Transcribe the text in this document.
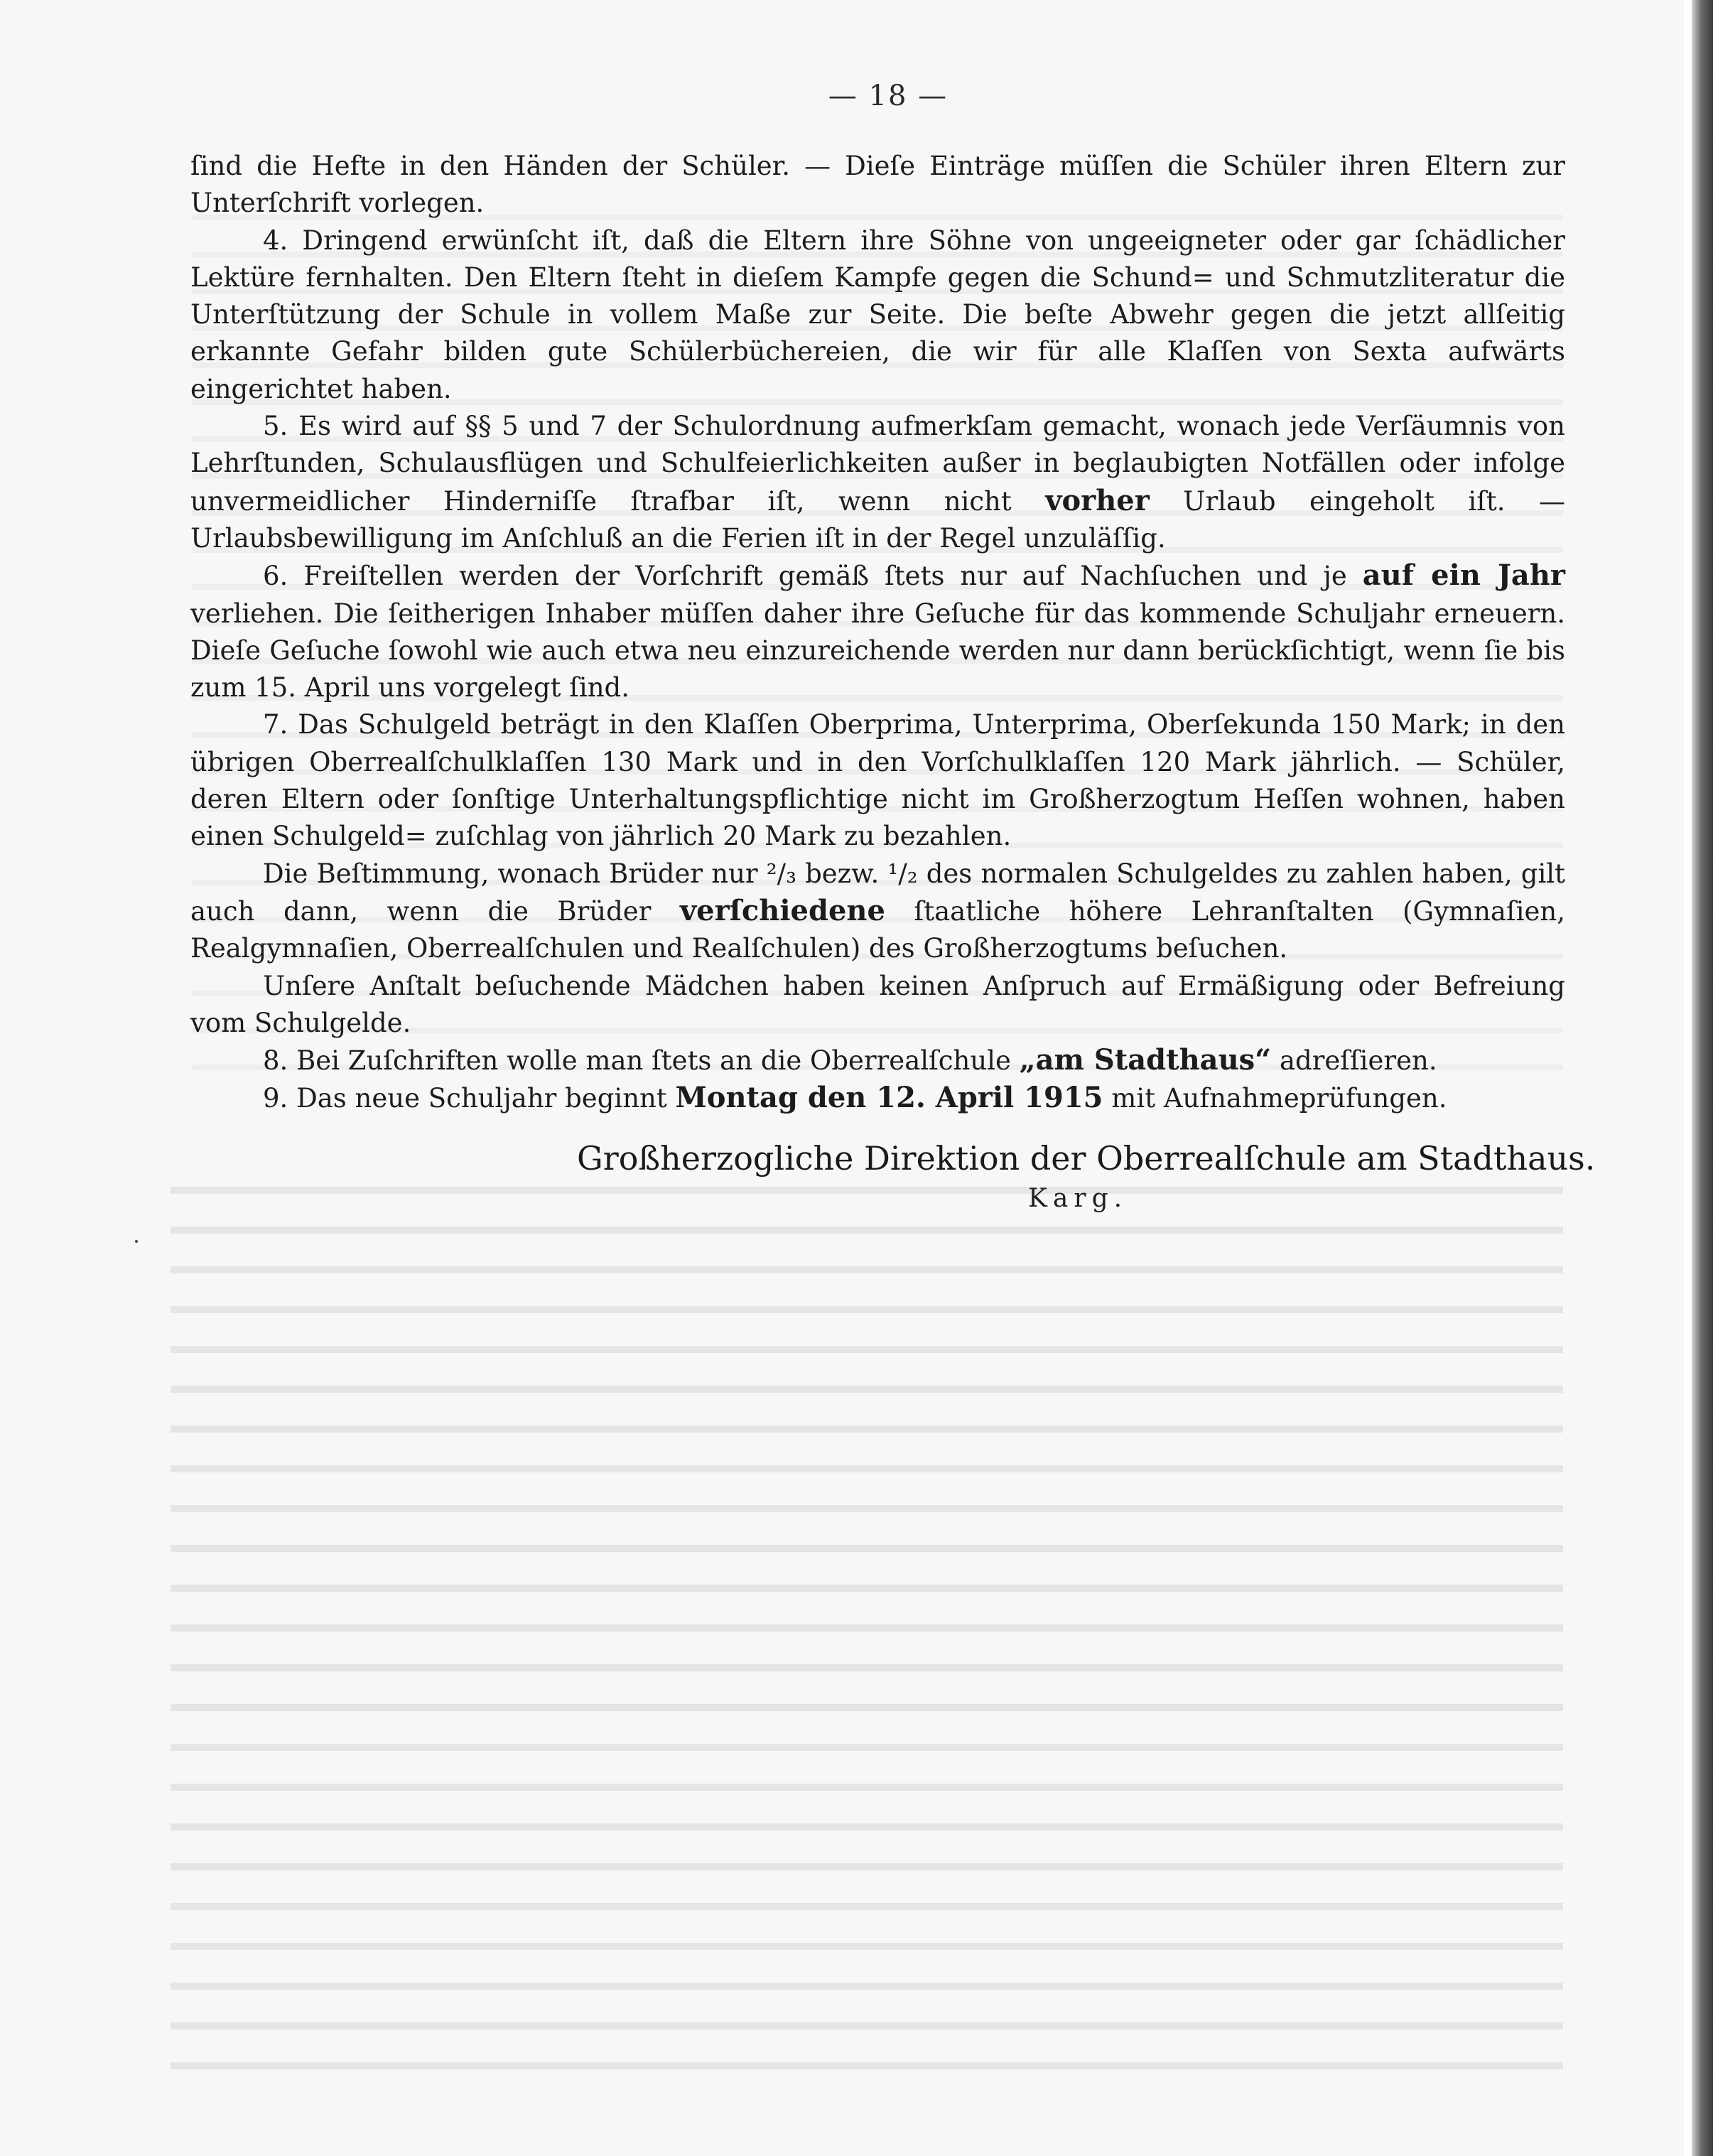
— 18 —

ſind die Hefte in den Händen der Schüler. — Dieſe Einträge müſſen die Schüler ihren Eltern zur Unterſchrift vorlegen.

4. Dringend erwünſcht iſt, daß die Eltern ihre Söhne von ungeeigneter oder gar ſchädlicher Lektüre fernhalten. Den Eltern ſteht in dieſem Kampfe gegen die Schund= und Schmutzliteratur die Unterſtützung der Schule in vollem Maße zur Seite. Die beſte Abwehr gegen die jetzt allſeitig erkannte Gefahr bilden gute Schülerbüchereien, die wir für alle Klaſſen von Sexta aufwärts eingerichtet haben.

5. Es wird auf §§ 5 und 7 der Schulordnung aufmerkſam gemacht, wonach jede Verſäumnis von Lehrſtunden, Schulausflügen und Schulfeierlichkeiten außer in beglaubigten Notfällen oder infolge unvermeidlicher Hinderniſſe ſtrafbar iſt, wenn nicht vorher Urlaub eingeholt iſt. — Urlaubsbewilligung im Anſchluß an die Ferien iſt in der Regel unzuläſſig.

6. Freiſtellen werden der Vorſchrift gemäß ſtets nur auf Nachſuchen und je auf ein Jahr verliehen. Die ſeitherigen Inhaber müſſen daher ihre Geſuche für das kommende Schuljahr erneuern. Dieſe Geſuche ſowohl wie auch etwa neu einzureichende werden nur dann berückſichtigt, wenn ſie bis zum 15. April uns vorgelegt ſind.

7. Das Schulgeld beträgt in den Klaſſen Oberprima, Unterprima, Oberſekunda 150 Mark; in den übrigen Oberrealſchulklaſſen 130 Mark und in den Vorſchulklaſſen 120 Mark jährlich. — Schüler, deren Eltern oder ſonſtige Unterhaltungspflichtige nicht im Großherzogtum Heſſen wohnen, haben einen Schulgeld= zuſchlag von jährlich 20 Mark zu bezahlen.

Die Beſtimmung, wonach Brüder nur ²/₃ bezw. ¹/₂ des normalen Schulgeldes zu zahlen haben, gilt auch dann, wenn die Brüder verſchiedene ſtaatliche höhere Lehranſtalten (Gymnaſien, Realgymnaſien, Oberrealſchulen und Realſchulen) des Großherzogtums beſuchen.

Unſere Anſtalt beſuchende Mädchen haben keinen Anſpruch auf Ermäßigung oder Befreiung vom Schulgelde.

8. Bei Zuſchriften wolle man ſtets an die Oberrealſchule „am Stadthaus“ adreſſieren.

9. Das neue Schuljahr beginnt Montag den 12. April 1915 mit Aufnahmeprüfungen.

Großherzogliche Direktion der Oberrealſchule am Stadthaus.
Karg.
